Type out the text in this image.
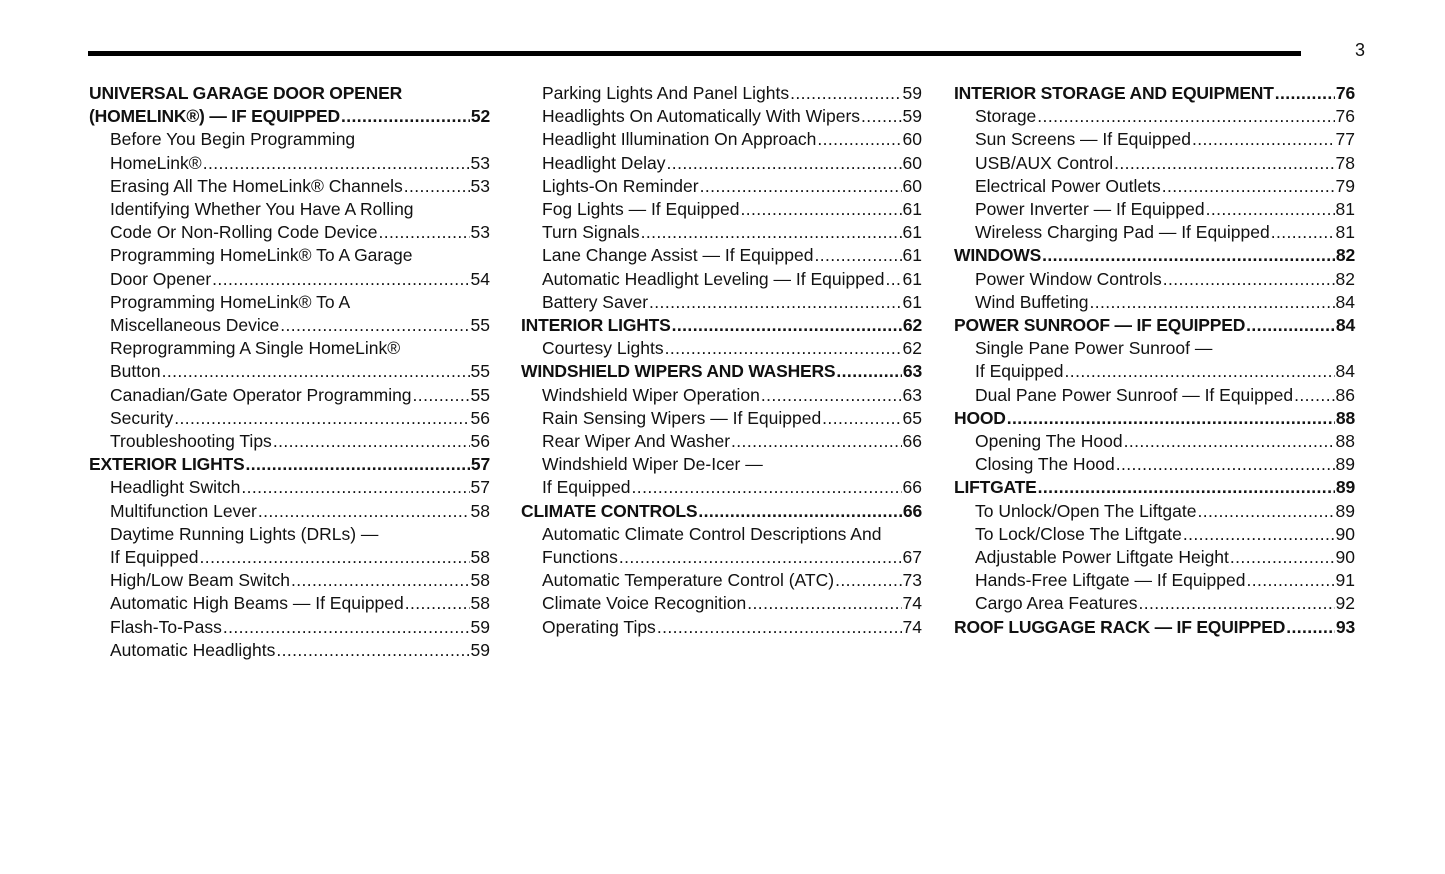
3
UNIVERSAL GARAGE DOOR OPENER
(HOMELINK®) — IF EQUIPPED .....	52
Before You Begin Programming
HomeLink® .....	53
Erasing All The HomeLink® Channels .....	53
Identifying Whether You Have A Rolling
Code Or Non-Rolling Code Device .....	53
Programming HomeLink® To A Garage
Door Opener .....	54
Programming HomeLink® To A
Miscellaneous Device .....	55
Reprogramming A Single HomeLink®
Button .....	55
Canadian/Gate Operator Programming .....	55
Security .....	56
Troubleshooting Tips .....	56
EXTERIOR LIGHTS .....	57
Headlight Switch .....	57
Multifunction Lever .....	58
Daytime Running Lights (DRLs) —
If Equipped .....	58
High/Low Beam Switch .....	58
Automatic High Beams — If Equipped .....	58
Flash-To-Pass .....	59
Automatic Headlights .....	59
Parking Lights And Panel Lights .....	59
Headlights On Automatically With Wipers ..... 59
Headlight Illumination On Approach .....	60
Headlight Delay .....	60
Lights-On Reminder .....	60
Fog Lights — If Equipped .....	61
Turn Signals .....	61
Lane Change Assist — If Equipped .....	61
Automatic Headlight Leveling — If Equipped ..... 61
Battery Saver .....	61
INTERIOR LIGHTS .....	62
Courtesy Lights .....	62
WINDSHIELD WIPERS AND WASHERS .....	63
Windshield Wiper Operation .....	63
Rain Sensing Wipers — If Equipped .....	65
Rear Wiper And Washer .....	66
Windshield Wiper De-Icer —
If Equipped .....	66
CLIMATE CONTROLS .....	66
Automatic Climate Control Descriptions And
Functions .....	67
Automatic Temperature Control (ATC) .....	73
Climate Voice Recognition .....	74
Operating Tips .....	74
INTERIOR STORAGE AND EQUIPMENT .....	76
Storage .....	76
Sun Screens — If Equipped .....	77
USB/AUX Control .....	78
Electrical Power Outlets .....	79
Power Inverter — If Equipped .....	81
Wireless Charging Pad — If Equipped .....	81
WINDOWS .....	82
Power Window Controls .....	82
Wind Buffeting .....	84
POWER SUNROOF — IF EQUIPPED .....	84
Single Pane Power Sunroof —
If Equipped .....	84
Dual Pane Power Sunroof — If Equipped ..... 86
HOOD .....	88
Opening The Hood .....	88
Closing The Hood .....	89
LIFTGATE .....	89
To Unlock/Open The Liftgate .....	89
To Lock/Close The Liftgate .....	90
Adjustable Power Liftgate Height .....	90
Hands-Free Liftgate — If Equipped .....	91
Cargo Area Features .....	92
ROOF LUGGAGE RACK — IF EQUIPPED .....	93
